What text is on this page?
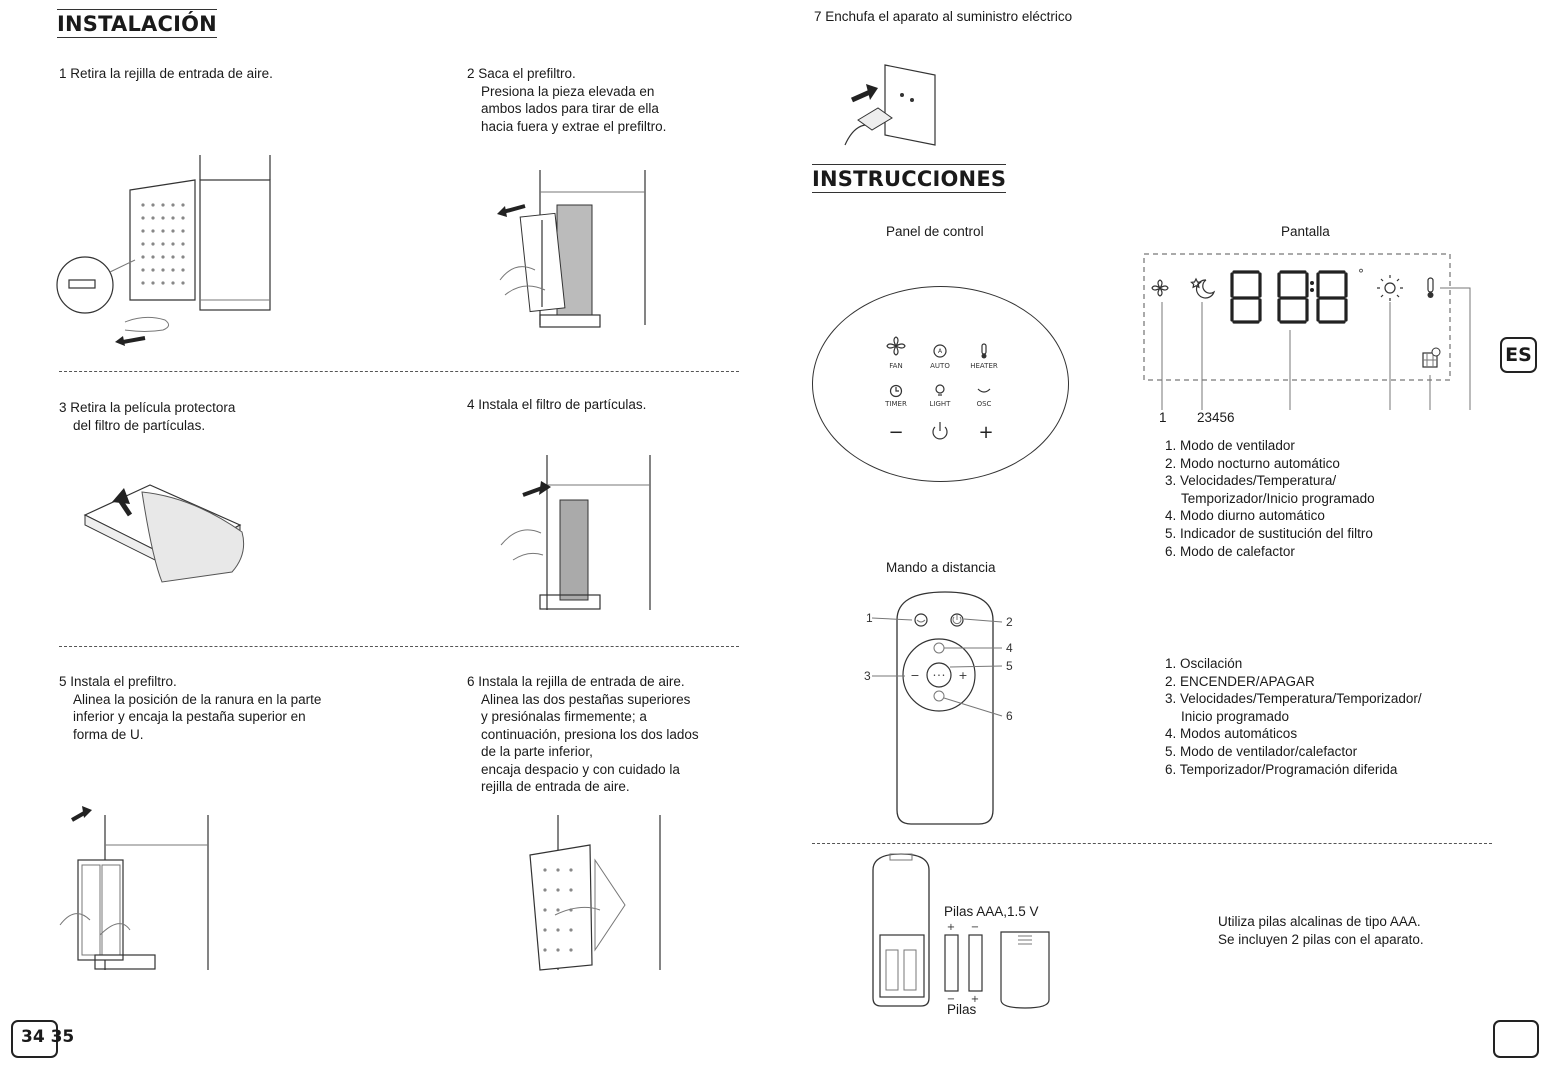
INSTALACIÓN
1 Retira la rejilla de entrada de aire.	2 Saca el prefiltro.
Presiona la pieza elevada en
ambos lados para tirar de ella
hacia fuera y extrae el prefiltro.
3 Retira la película protectora
del filtro de partículas.
4 Instala el filtro de partículas.
5 Instala el prefiltro.
Alinea la posición de la ranura en la parte
inferior y encaja la pestaña superior en
forma de U.
6 Instala la rejilla de entrada de aire.
Alinea las dos pestañas superiores
y presiónalas firmemente; a
continuación, presiona los dos lados
de la parte inferior,
encaja despacio y con cuidado la
rejilla de entrada de aire.
7 Enchufa el aparato al suministro eléctrico
INSTRUCCIONES
Panel de control	Pantalla
A
FAN	AUTO	HEATER
TIMER	LIGHT	OSC
−	+
°
1 23456
1. Modo de ventilador
2. Modo nocturno automático
3. Velocidades/Temperatura/
Temporizador/Inicio programado
4. Modo diurno automático
5. Indicador de sustitución del filtro
6. Modo de calefactor
Mando a distancia
• • •
−	+
1	2
3
4
5
6
1. Oscilación
2. ENCENDER/APAGAR
3. Velocidades/Temperatura/Temporizador/
Inicio programado
4. Modos automáticos
5. Modo de ventilador/calefactor
6. Temporizador/Programación diferida
+ −
− +
Pilas AAA,1.5 V
Pilas
Utiliza pilas alcalinas de tipo AAA.
Se incluyen 2 pilas con el aparato.
34 35
ES
